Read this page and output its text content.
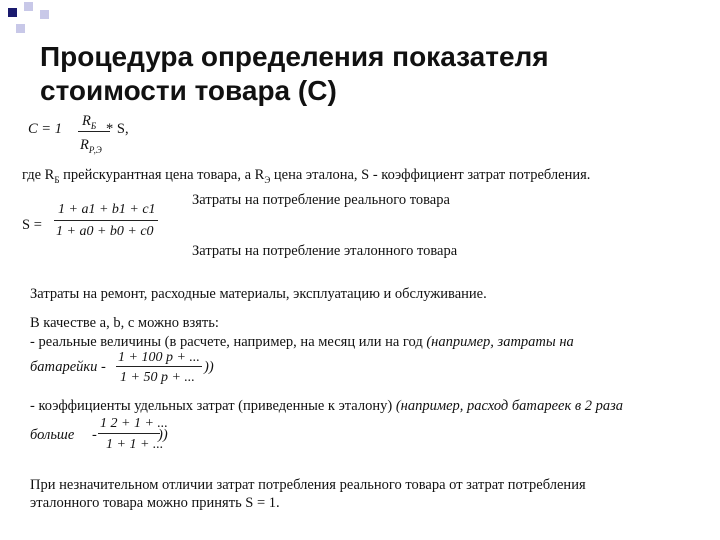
Процедура определения показателя стоимости товара (С)
C = 1 $R_Б$
$R_{Р,Э}$
* S,
где $R_Б$ прейскурантная цена товара, а $R_Э$ цена эталона, S - коэффициент затрат потребления.
S =
1 + a1 + b1 + c1
1 + a0 + b0 + c0
Затраты на потребление реального товара
Затраты на потребление эталонного товара
Затраты на ремонт, расходные материалы, эксплуатацию и обслуживание.
В качестве a, b, с можно взять:
- реальные величины (в расчете, например, на месяц или на год (например, затраты на
батарейки -
1 + 100 p + ...
1 + 50 p + ...
))
- коэффициенты удельных затрат (приведенные к эталону) (например, расход батареек в 2 раза
больше -
1 2 + 1 + ...
1 + 1 + ...
))
При незначительном отличии затрат потребления реального товара от затрат потребления
эталонного товара можно принять S = 1.
